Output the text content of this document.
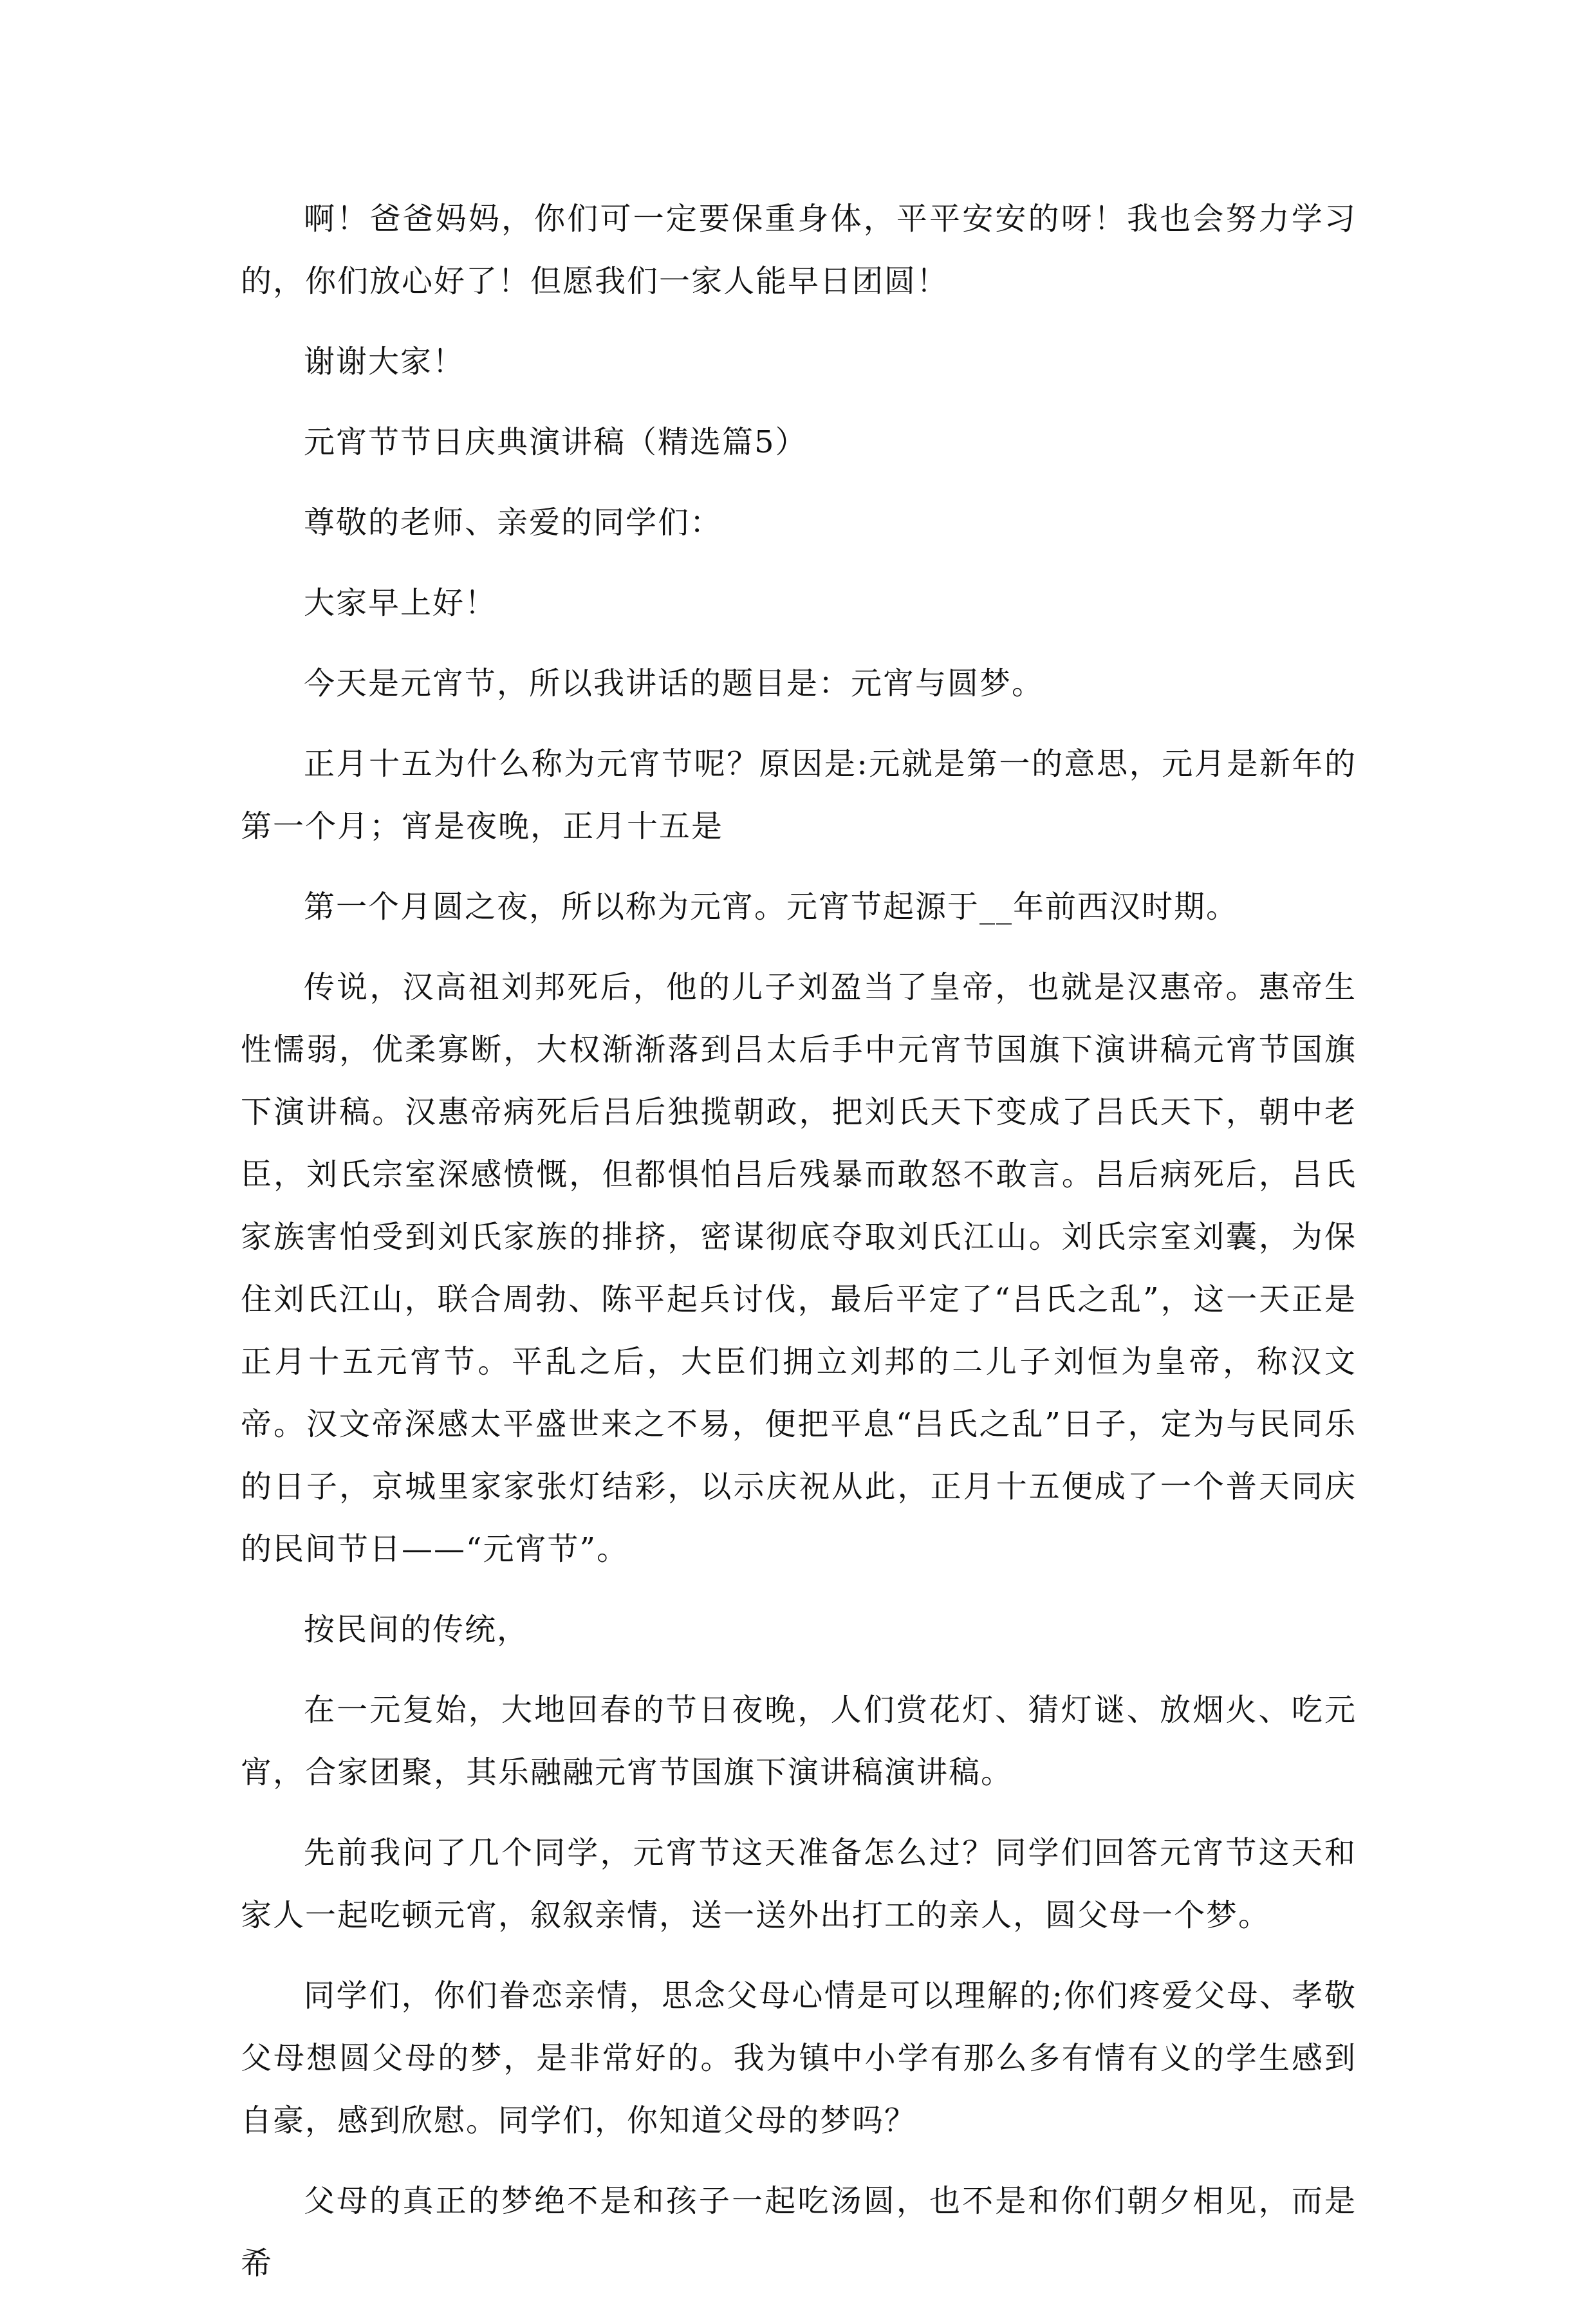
啊！爸爸妈妈，你们可一定要保重身体，平平安安的呀！我也会努力学习的，你们放心好了！但愿我们一家人能早日团圆！

谢谢大家！

元宵节节日庆典演讲稿（精选篇5）

尊敬的老师、亲爱的同学们：

大家早上好！

今天是元宵节，所以我讲话的题目是：元宵与圆梦。

正月十五为什么称为元宵节呢？原因是:元就是第一的意思，元月是新年的第一个月；宵是夜晚，正月十五是

第一个月圆之夜，所以称为元宵。元宵节起源于__年前西汉时期。

传说，汉高祖刘邦死后，他的儿子刘盈当了皇帝，也就是汉惠帝。惠帝生性懦弱，优柔寡断，大权渐渐落到吕太后手中元宵节国旗下演讲稿元宵节国旗下演讲稿。汉惠帝病死后吕后独揽朝政，把刘氏天下变成了吕氏天下，朝中老臣，刘氏宗室深感愤慨，但都惧怕吕后残暴而敢怒不敢言。吕后病死后，吕氏家族害怕受到刘氏家族的排挤，密谋彻底夺取刘氏江山。刘氏宗室刘囊，为保住刘氏江山，联合周勃、陈平起兵讨伐，最后平定了“吕氏之乱”，这一天正是正月十五元宵节。平乱之后，大臣们拥立刘邦的二儿子刘恒为皇帝，称汉文帝。汉文帝深感太平盛世来之不易，便把平息“吕氏之乱”日子，定为与民同乐的日子，京城里家家张灯结彩，以示庆祝从此，正月十五便成了一个普天同庆的民间节日——“元宵节”。

按民间的传统，

在一元复始，大地回春的节日夜晚，人们赏花灯、猜灯谜、放烟火、吃元宵，合家团聚，其乐融融元宵节国旗下演讲稿演讲稿。

先前我问了几个同学，元宵节这天准备怎么过？同学们回答元宵节这天和家人一起吃顿元宵，叙叙亲情，送一送外出打工的亲人，圆父母一个梦。

同学们，你们眷恋亲情，思念父母心情是可以理解的;你们疼爱父母、孝敬父母想圆父母的梦，是非常好的。我为镇中小学有那么多有情有义的学生感到自豪，感到欣慰。同学们，你知道父母的梦吗？

父母的真正的梦绝不是和孩子一起吃汤圆，也不是和你们朝夕相见，而是希
